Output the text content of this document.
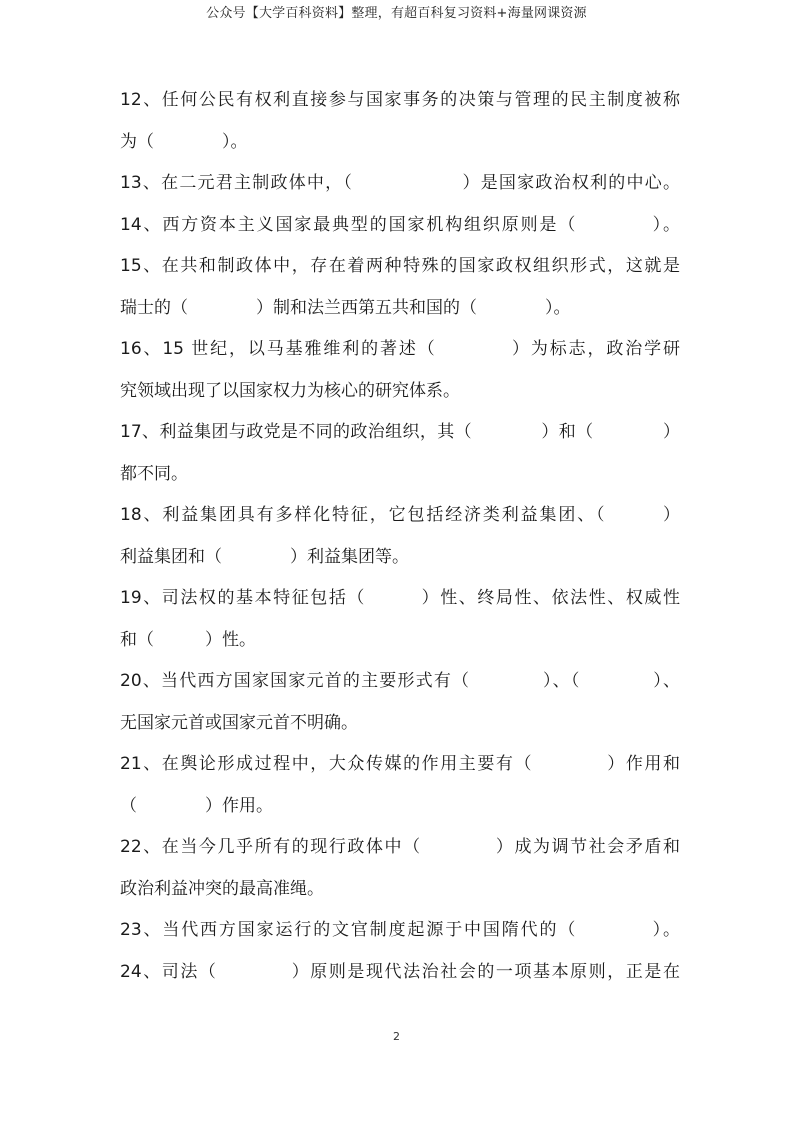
公众号【大学百科资料】整理，有超百科复习资料+海量网课资源
12、任何公民有权利直接参与国家事务的决策与管理的民主制度被称
为（　　　　）。
13、在二元君主制政体中，（　　　　　　）是国家政治权利的中心。
14、西方资本主义国家最典型的国家机构组织原则是（　　　　）。
15、在共和制政体中，存在着两种特殊的国家政权组织形式，这就是
瑞士的（　　　　）制和法兰西第五共和国的（　　　　）。
16、15 世纪，以马基雅维利的著述（　　　　）为标志，政治学研
究领域出现了以国家权力为核心的研究体系。
17、利益集团与政党是不同的政治组织，其（　　　　）和（　　　　）
都不同。
18、利益集团具有多样化特征，它包括经济类利益集团、（　　　）
利益集团和（　　　　）利益集团等。
19、司法权的基本特征包括（　　　）性、终局性、依法性、权威性
和（　　　）性。
20、当代西方国家国家元首的主要形式有（　　　　）、（　　　　）、
无国家元首或国家元首不明确。
21、在舆论形成过程中，大众传媒的作用主要有（　　　　）作用和
（　　　　）作用。
22、在当今几乎所有的现行政体中（　　　　）成为调节社会矛盾和
政治利益冲突的最高准绳。
23、当代西方国家运行的文官制度起源于中国隋代的（　　　　）。
24、司法（　　　　）原则是现代法治社会的一项基本原则，正是在
2
